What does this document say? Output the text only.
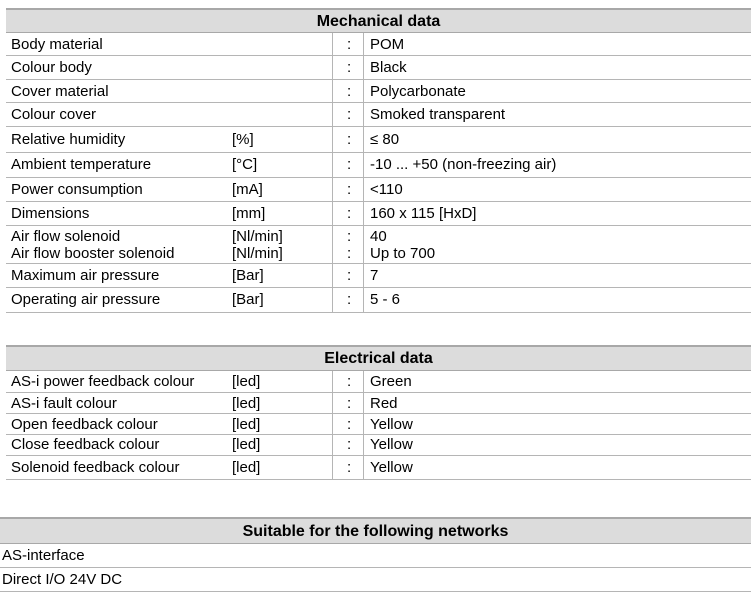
Mechanical data
Body material	: POM
Colour body	: Black
Cover material	: Polycarbonate
Colour cover	: Smoked transparent
Relative humidity	[%]	: ≤ 80
Ambient temperature	[°C]	: -10 ... +50 (non-freezing air)
Power consumption	[mA]	: <110
Dimensions	[mm]	: 160 x 115 [HxD]
Air flow solenoid	[Nl/min]	: 40
Air flow booster solenoid	[Nl/min]	: Up to 700
Maximum air pressure	[Bar]	: 7
Operating air pressure	[Bar]	: 5 - 6
Electrical data
AS-i power feedback colour	[led]	: Green
AS-i fault colour	[led]	: Red
Open feedback colour	[led]	: Yellow
Close feedback colour	[led]	: Yellow
Solenoid feedback colour	[led]	: Yellow
Suitable for the following networks
AS-interface
Direct I/O 24V DC
